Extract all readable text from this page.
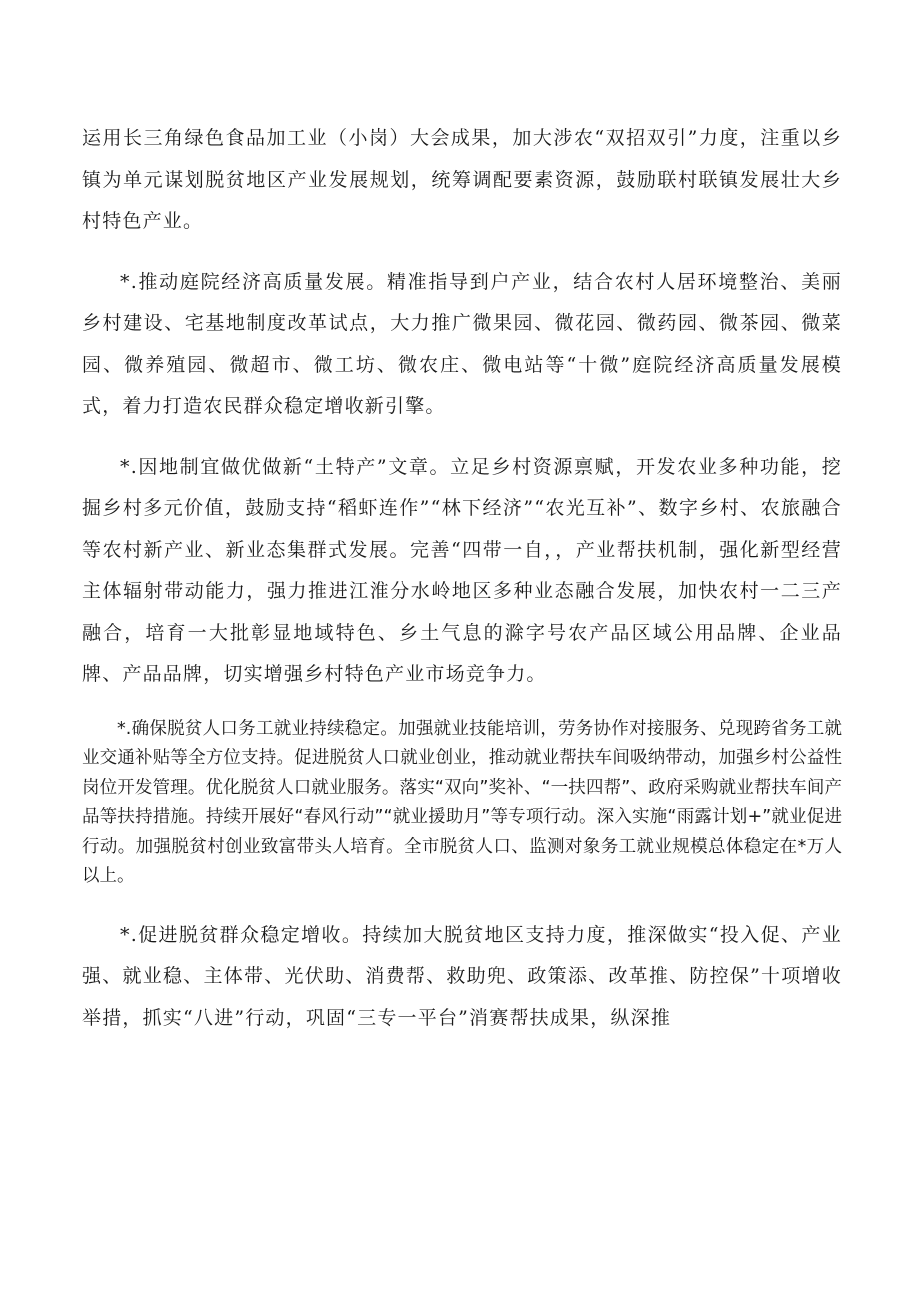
运用长三角绿色食品加工业（小岗）大会成果，加大涉农“双招双引”力度，注重以乡镇为单元谋划脱贫地区产业发展规划，统筹调配要素资源，鼓励联村联镇发展壮大乡村特色产业。

*.推动庭院经济高质量发展。精准指导到户产业，结合农村人居环境整治、美丽乡村建设、宅基地制度改革试点，大力推广微果园、微花园、微药园、微茶园、微菜园、微养殖园、微超市、微工坊、微农庄、微电站等“十微”庭院经济高质量发展模式，着力打造农民群众稳定增收新引擎。

*.因地制宜做优做新“土特产”文章。立足乡村资源禀赋，开发农业多种功能，挖掘乡村多元价值，鼓励支持“稻虾连作”“林下经济”“农光互补”、数字乡村、农旅融合等农村新产业、新业态集群式发展。完善“四带一自，，产业帮扶机制，强化新型经营主体辐射带动能力，强力推进江淮分水岭地区多种业态融合发展，加快农村一二三产融合，培育一大批彰显地域特色、乡土气息的滁字号农产品区域公用品牌、企业品牌、产品品牌，切实增强乡村特色产业市场竞争力。

*.确保脱贫人口务工就业持续稳定。加强就业技能培训，劳务协作对接服务、兑现跨省务工就业交通补贴等全方位支持。促进脱贫人口就业创业，推动就业帮扶车间吸纳带动，加强乡村公益性岗位开发管理。优化脱贫人口就业服务。落实“双向”奖补、“一扶四帮”、政府采购就业帮扶车间产品等扶持措施。持续开展好“春风行动”“就业援助月”等专项行动。深入实施“雨露计划+”就业促进行动。加强脱贫村创业致富带头人培育。全市脱贫人口、监测对象务工就业规模总体稳定在*万人以上。

*.促进脱贫群众稳定增收。持续加大脱贫地区支持力度，推深做实“投入促、产业强、就业稳、主体带、光伏助、消费帮、救助兜、政策添、改革推、防控保”十项增收举措，抓实“八进”行动，巩固“三专一平台”消赛帮扶成果，纵深推
